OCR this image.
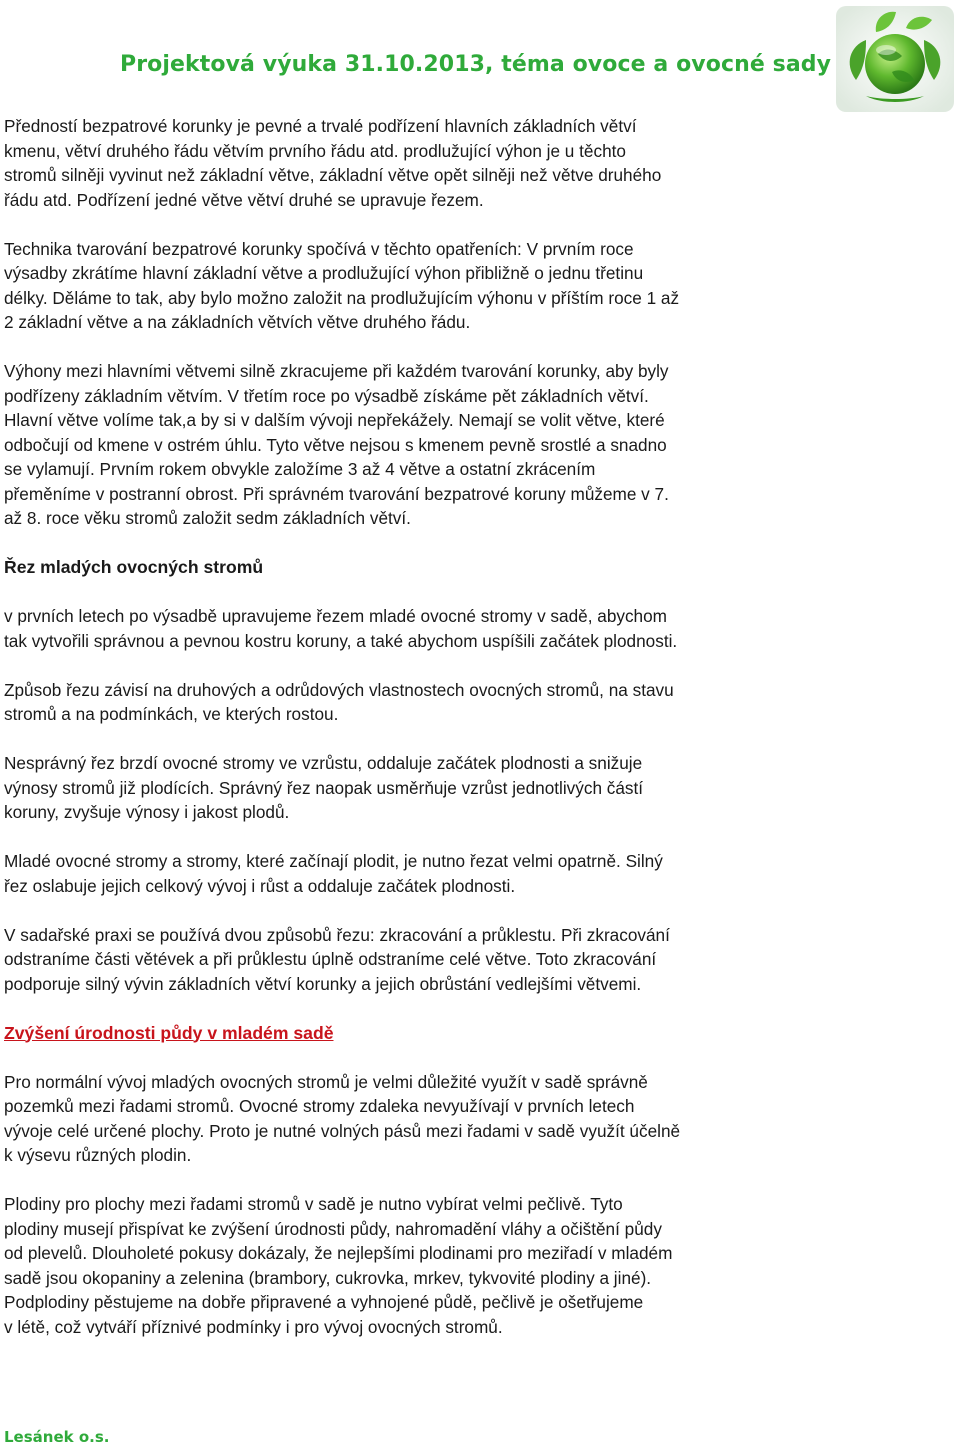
Projektová výuka 31.10.2013, téma ovoce a ovocné sady

Předností bezpatrové korunky je pevné a trvalé podřízení hlavních základních větví
kmenu, větví druhého řádu větvím prvního řádu atd. prodlužující výhon je u těchto
stromů silněji vyvinut než základní větve, základní větve opět silněji než větve druhého
řádu atd. Podřízení jedné větve větví druhé se upravuje řezem.

Technika tvarování bezpatrové korunky spočívá v těchto opatřeních: V prvním roce
výsadby zkrátíme hlavní základní větve a prodlužující výhon přibližně o jednu třetinu
délky. Děláme to tak, aby bylo možno založit na prodlužujícím výhonu v příštím roce 1 až
2 základní větve a na základních větvích větve druhého řádu.

Výhony mezi hlavními větvemi silně zkracujeme při každém tvarování korunky, aby byly
podřízeny základním větvím. V třetím roce po výsadbě získáme pět základních větví.
Hlavní větve volíme tak,a by si v dalším vývoji nepřekážely. Nemají se volit větve, které
odbočují od kmene v ostrém úhlu. Tyto větve nejsou s kmenem pevně srostlé a snadno
se vylamují. Prvním rokem obvykle založíme 3 až 4 větve a ostatní zkrácením
přeměníme v postranní obrost. Při správném tvarování bezpatrové koruny můžeme v 7.
až 8. roce věku stromů založit sedm základních větví.

Řez mladých ovocných stromů

v prvních letech po výsadbě upravujeme řezem mladé ovocné stromy v sadě, abychom
tak vytvořili správnou a pevnou kostru koruny, a také abychom uspíšili začátek plodnosti.

Způsob řezu závisí na druhových a odrůdových vlastnostech ovocných stromů, na stavu
stromů a na podmínkách, ve kterých rostou.

Nesprávný řez brzdí ovocné stromy ve vzrůstu, oddaluje začátek plodnosti a snižuje
výnosy stromů již plodících. Správný řez naopak usměrňuje vzrůst jednotlivých částí
koruny, zvyšuje výnosy i jakost plodů.

Mladé ovocné stromy a stromy, které začínají plodit, je nutno řezat velmi opatrně. Silný
řez oslabuje jejich celkový vývoj i růst a oddaluje začátek plodnosti.

V sadařské praxi se používá dvou způsobů řezu: zkracování a průklestu. Při zkracování
odstraníme části větévek a při průklestu úplně odstraníme celé větve. Toto zkracování
podporuje silný vývin základních větví korunky a jejich obrůstání vedlejšími větvemi.

Zvýšení úrodnosti půdy v mladém sadě

Pro normální vývoj mladých ovocných stromů je velmi důležité využít v sadě správně
pozemků mezi řadami stromů. Ovocné stromy zdaleka nevyužívají v prvních letech
vývoje celé určené plochy. Proto je nutné volných pásů mezi řadami v sadě využít účelně
k výsevu různých plodin.

Plodiny pro plochy mezi řadami stromů v sadě je nutno vybírat velmi pečlivě. Tyto
plodiny musejí přispívat ke zvýšení úrodnosti půdy, nahromadění vláhy a očištění půdy
od plevelů. Dlouholeté pokusy dokázaly, že nejlepšími plodinami pro meziřadí v mladém
sadě jsou okopaniny a zelenina (brambory, cukrovka, mrkev, tykvovité plodiny a jiné).
Podplodiny pěstujeme na dobře připravené a vyhnojené půdě, pečlivě je ošetřujeme
v létě, což vytváří příznivé podmínky i pro vývoj ovocných stromů.

Lesánek o.s.
